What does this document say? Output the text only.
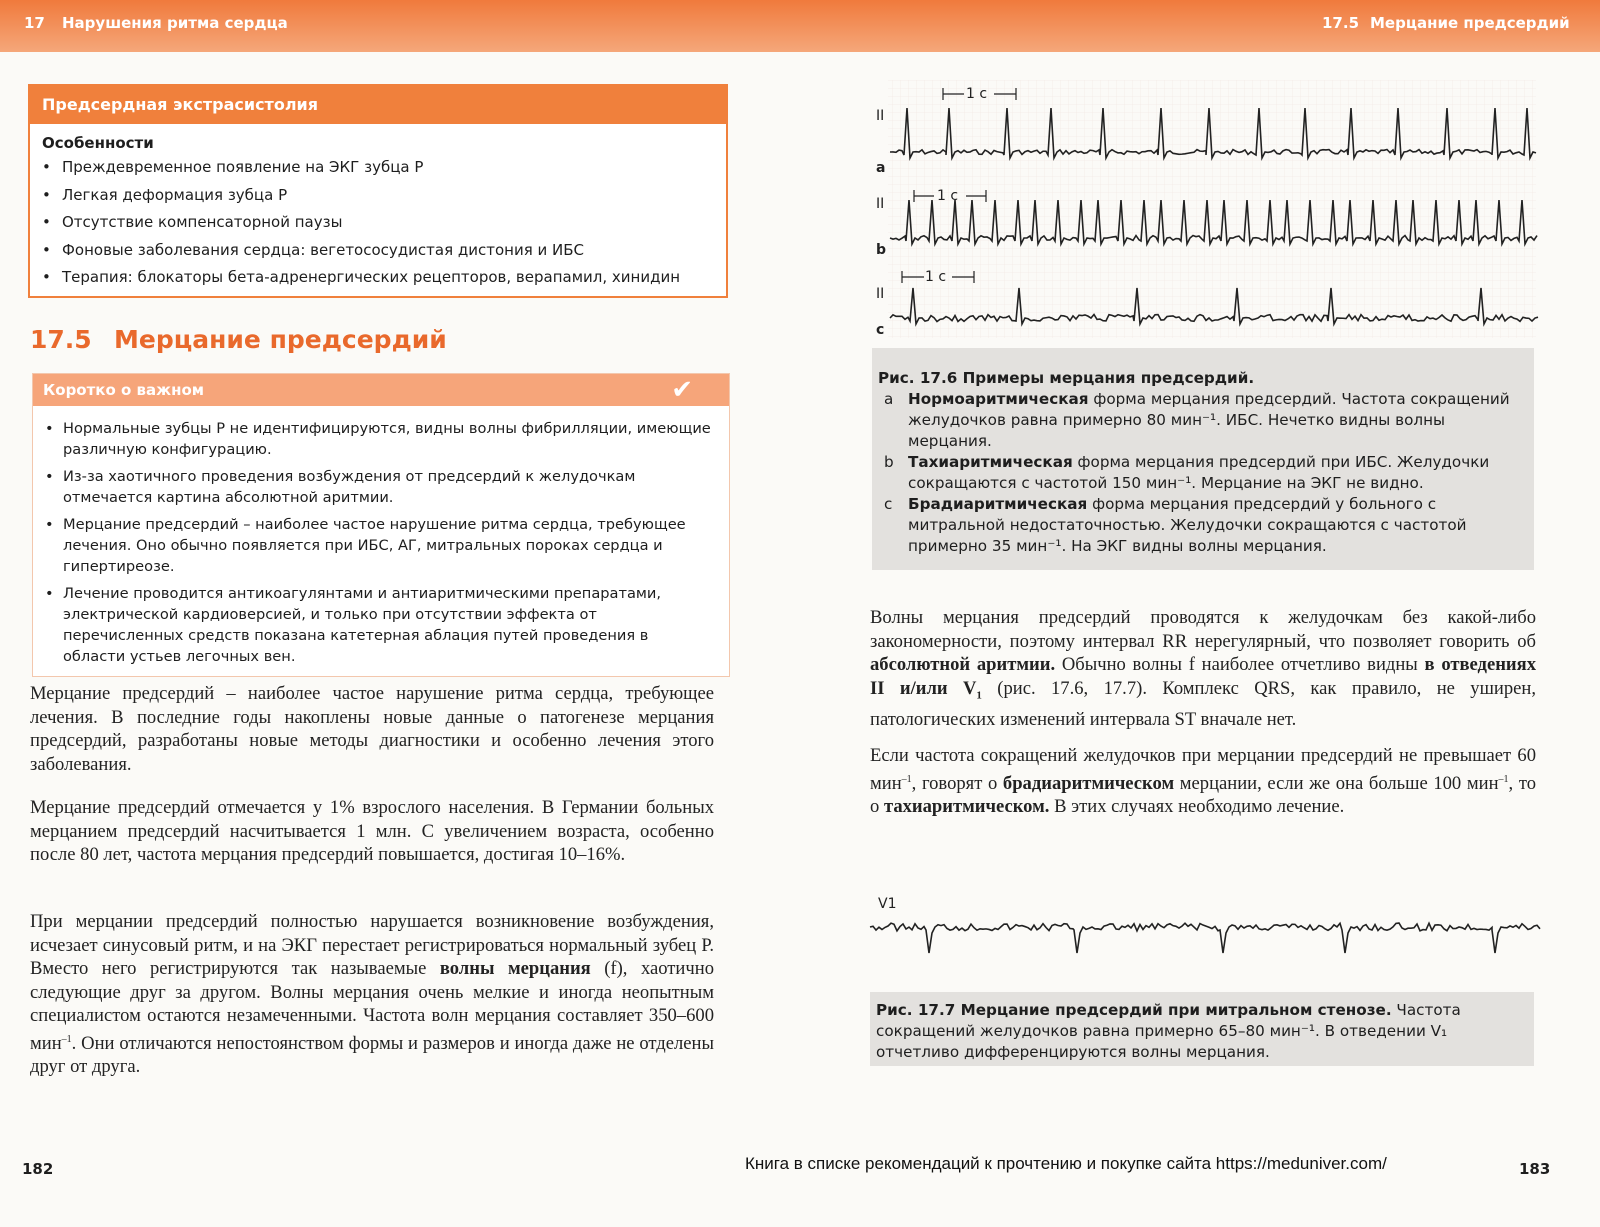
17 Нарушения ритма сердца	17.5 Мерцание предсердий
Предсердная экстрасистолия
Особенности
• Преждевременное появление на ЭКГ зубца Р
• Легкая деформация зубца Р
• Отсутствие компенсаторной паузы
• Фоновые заболевания сердца: вегетососудистая дистония и ИБС
• Терапия: блокаторы бета-адренергических рецепторов, верапамил, хинидин
17.5 Мерцание предсердий
Коротко о важном	✔
• Нормальные зубцы Р не идентифицируются, видны волны фибрилляции, имеющие различную конфигурацию.
• Из-за хаотичного проведения возбуждения от предсердий к желудочкам отмечается картина абсолютной аритмии.
• Мерцание предсердий – наиболее частое нарушение ритма сердца, требующее лечения. Оно обычно появляется при ИБС, АГ, митральных пороках сердца и гипертиреозе.
• Лечение проводится антикоагулянтами и антиаритмическими препаратами, электрической кардиоверсией, и только при отсутствии эффекта от перечисленных средств показана катетерная аблация путей проведения в области устьев легочных вен.
Мерцание предсердий – наиболее частое нарушение ритма сердца, требующее лечения. В последние годы накоплены новые данные о патогенезе мерцания предсердий, разработаны новые методы диагностики и особенно лечения этого заболевания.
Мерцание предсердий отмечается у 1% взрослого населения. В Германии больных мерцанием предсердий насчитывается 1 млн. С увеличением возраста, особенно после 80 лет, частота мерцания предсердий повышается, достигая 10–16%.
При мерцании предсердий полностью нарушается возникновение возбуждения, исчезает синусовый ритм, и на ЭКГ перестает регистрироваться нормальный зубец Р. Вместо него регистрируются так называемые волны мерцания (f), хаотично следующие друг за другом. Волны мерцания очень мелкие и иногда неопытным специалистом остаются незамеченными. Частота волн мерцания составляет 350–600 мин$^{-1}$. Они отличаются непостоянством формы и размеров и иногда даже не отделены друг от друга.
1 с
1 с
1 с
II
II
II
a
b
c
Рис. 17.6 Примеры мерцания предсердий.
a Нормоаритмическая форма мерцания предсердий. Частота сокращений желудочков равна примерно 80 мин⁻¹. ИБС. Нечетко видны волны мерцания.
b Тахиаритмическая форма мерцания предсердий при ИБС. Желудочки сокращаются с частотой 150 мин⁻¹. Мерцание на ЭКГ не видно.
c Брадиаритмическая форма мерцания предсердий у больного с митральной недостаточностью. Желудочки сокращаются с частотой примерно 35 мин⁻¹. На ЭКГ видны волны мерцания.
Волны мерцания предсердий проводятся к желудочкам без какой-либо закономерности, поэтому интервал RR нерегулярный, что позволяет говорить об абсолютной аритмии. Обычно волны f наиболее отчетливо видны в отведениях II и/или $V_1$ (рис. 17.6, 17.7). Комплекс QRS, как правило, не уширен, патологических изменений интервала ST вначале нет.
Если частота сокращений желудочков при мерцании предсердий не превышает 60 мин$^{-1}$, говорят о брадиаритмическом мерцании, если же она больше 100 мин$^{-1}$, то о тахиаритмическом. В этих случаях необходимо лечение.
V1
Рис. 17.7 Мерцание предсердий при митральном стенозе. Частота сокращений желудочков равна примерно 65–80 мин⁻¹. В отведении V₁ отчетливо дифференцируются волны мерцания.
182	Книга в списке рекомендаций к прочтению и покупке сайта https://meduniver.com/	183
